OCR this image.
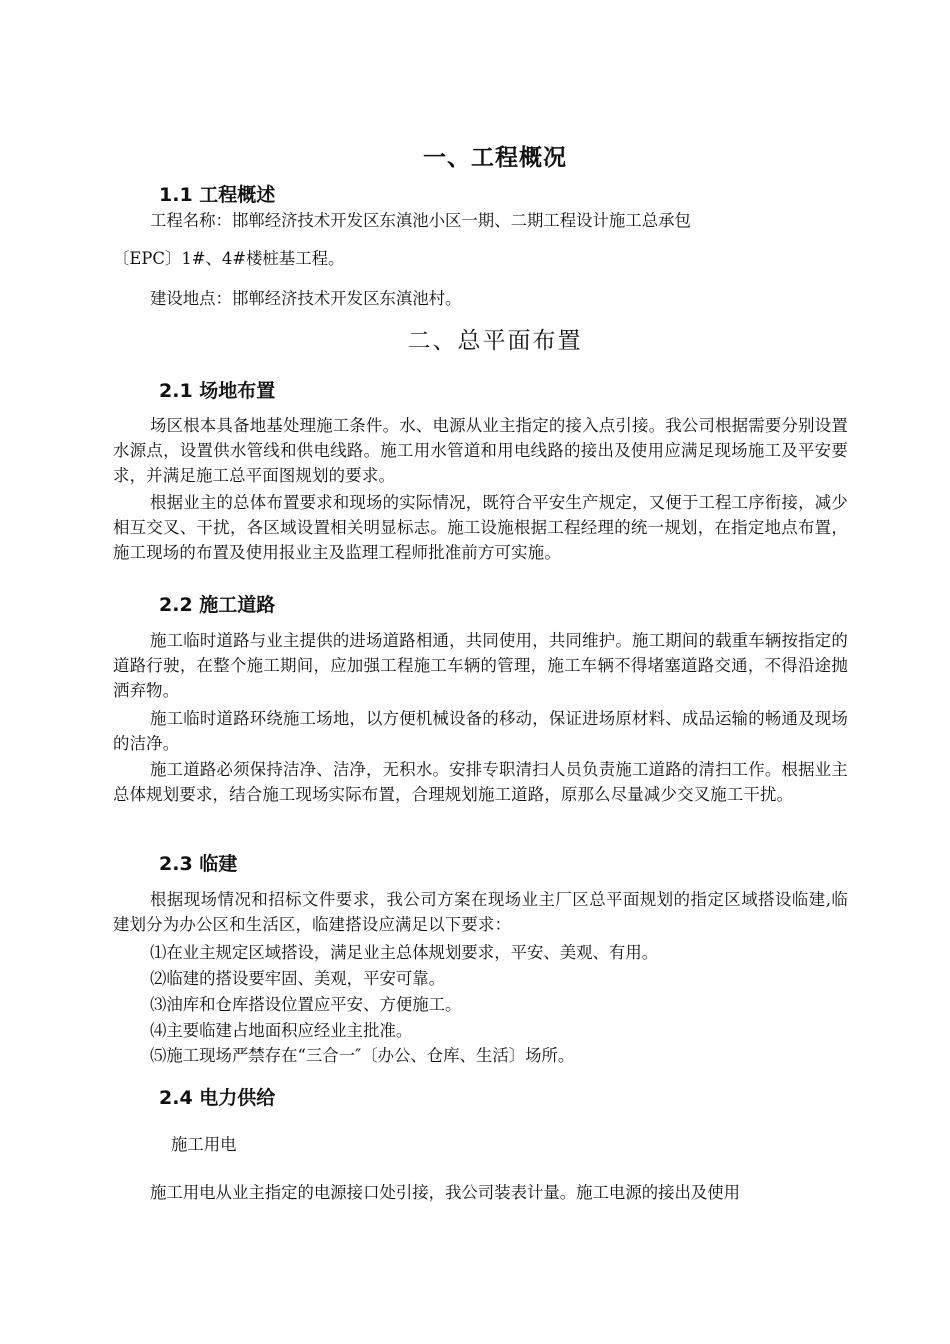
一、工程概况
1.1 工程概述

工程名称：邯郸经济技术开发区东滇池小区一期、二期工程设计施工总承包

〔EPC〕1#、4#楼桩基工程。

建设地点：邯郸经济技术开发区东滇池村。

二、总平面布置
2.1 场地布置

场区根本具备地基处理施工条件。水、电源从业主指定的接入点引接。我公司根据需要分别设置水源点，设置供水管线和供电线路。施工用水管道和用电线路的接出及使用应满足现场施工及平安要求，并满足施工总平面图规划的要求。

根据业主的总体布置要求和现场的实际情况，既符合平安生产规定，又便于工程工序衔接，减少相互交叉、干扰，各区域设置相关明显标志。施工设施根据工程经理的统一规划，在指定地点布置，施工现场的布置及使用报业主及监理工程师批准前方可实施。

2.2 施工道路

施工临时道路与业主提供的进场道路相通，共同使用，共同维护。施工期间的载重车辆按指定的道路行驶，在整个施工期间，应加强工程施工车辆的管理，施工车辆不得堵塞道路交通，不得沿途抛洒弃物。

施工临时道路环绕施工场地，以方便机械设备的移动，保证进场原材料、成品运输的畅通及现场的洁净。

施工道路必须保持洁净、洁净，无积水。安排专职清扫人员负责施工道路的清扫工作。根据业主总体规划要求，结合施工现场实际布置，合理规划施工道路，原那么尽量减少交叉施工干扰。

2.3 临建

根据现场情况和招标文件要求，我公司方案在现场业主厂区总平面规划的指定区域搭设临建,临建划分为办公区和生活区，临建搭设应满足以下要求：

⑴在业主规定区域搭设，满足业主总体规划要求，平安、美观、有用。

⑵临建的搭设要牢固、美观，平安可靠。

⑶油库和仓库搭设位置应平安、方便施工。

⑷主要临建占地面积应经业主批准。

⑸施工现场严禁存在“三合一″〔办公、仓库、生活〕场所。

2.4 电力供给

施工用电

施工用电从业主指定的电源接口处引接，我公司装表计量。施工电源的接出及使用
